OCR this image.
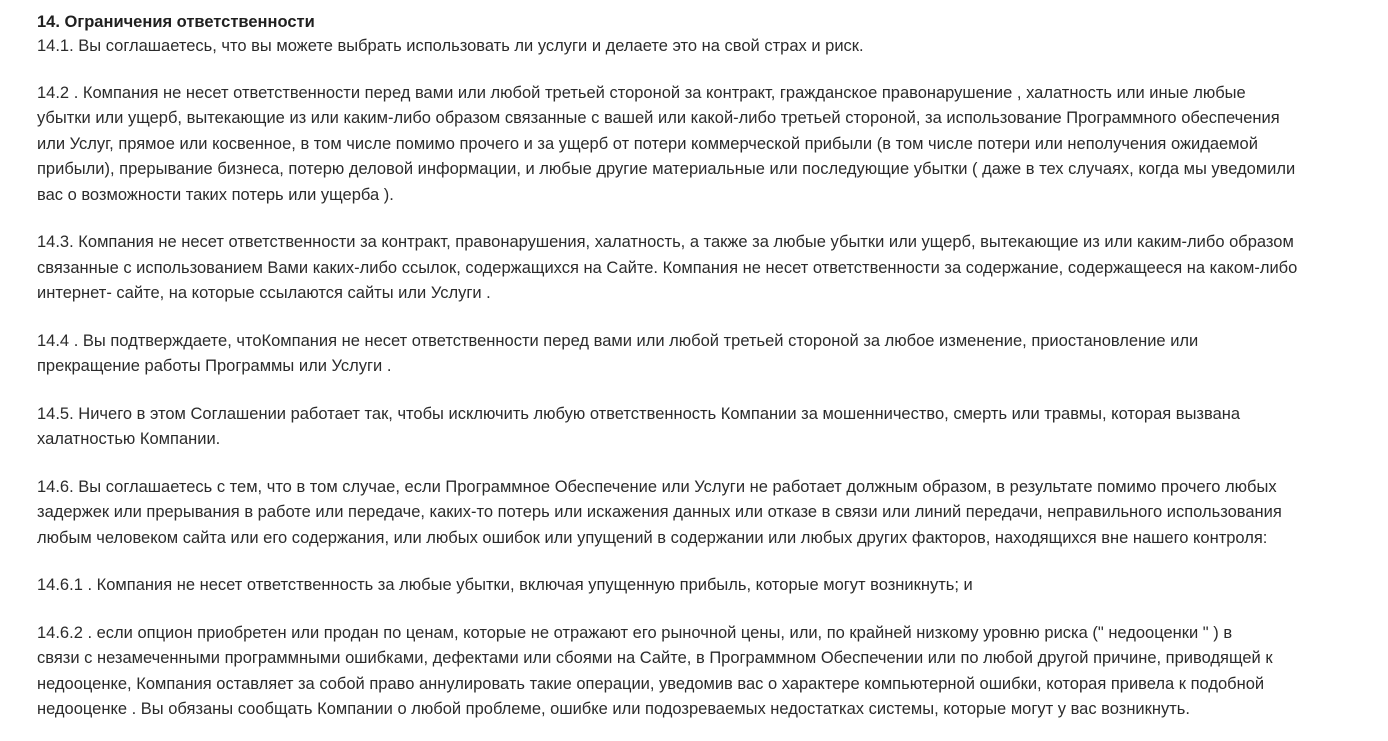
14. Ограничения ответственности

14.1. Вы соглашаетесь, что вы можете выбрать использовать ли услуги и делаете это на свой страх и риск.

14.2 . Компания не несет ответственности перед вами или любой третьей стороной за контракт, гражданское правонарушение , халатность или иные любые
убытки или ущерб, вытекающие из или каким-либо образом связанные с вашей или какой-либо третьей стороной, за использование Программного обеспечения
или Услуг, прямое или косвенное, в том числе помимо прочего и за ущерб от потери коммерческой прибыли (в том числе потери или неполучения ожидаемой
прибыли), прерывание бизнеса, потерю деловой информации, и любые другие материальные или последующие убытки ( даже в тех случаях, когда мы уведомили
вас о возможности таких потерь или ущерба ).

14.3. Компания не несет ответственности за контракт, правонарушения, халатность, а также за любые убытки или ущерб, вытекающие из или каким-либо образом
связанные с использованием Вами каких-либо ссылок, содержащихся на Сайте. Компания не несет ответственности за содержание, содержащееся на каком-либо
интернет- сайте, на которые ссылаются сайты или Услуги .

14.4 . Вы подтверждаете, чтоКомпания не несет ответственности перед вами или любой третьей стороной за любое изменение, приостановление или
прекращение работы Программы или Услуги .

14.5. Ничего в этом Соглашении работает так, чтобы исключить любую ответственность Компании за мошенничество, смерть или травмы, которая вызвана
халатностью Компании.

14.6. Вы соглашаетесь с тем, что в том случае, если Программное Обеспечение или Услуги не работает должным образом, в результате помимо прочего любых
задержек или прерывания в работе или передаче, каких-то потерь или искажения данных или отказе в связи или линий передачи, неправильного использования
любым человеком сайта или его содержания, или любых ошибок или упущений в содержании или любых других факторов, находящихся вне нашего контроля:

14.6.1 . Компания не несет ответственность за любые убытки, включая упущенную прибыль, которые могут возникнуть; и

14.6.2 . если опцион приобретен или продан по ценам, которые не отражают его рыночной цены, или, по крайней низкому уровню риска (" недооценки " ) в
связи с незамеченными программными ошибками, дефектами или сбоями на Сайте, в Программном Обеспечении или по любой другой причине, приводящей к
недооценке, Компания оставляет за собой право аннулировать такие операции, уведомив вас о характере компьютерной ошибки, которая привела к подобной
недооценке . Вы обязаны сообщать Компании о любой проблеме, ошибке или подозреваемых недостатках системы, которые могут у вас возникнуть.
